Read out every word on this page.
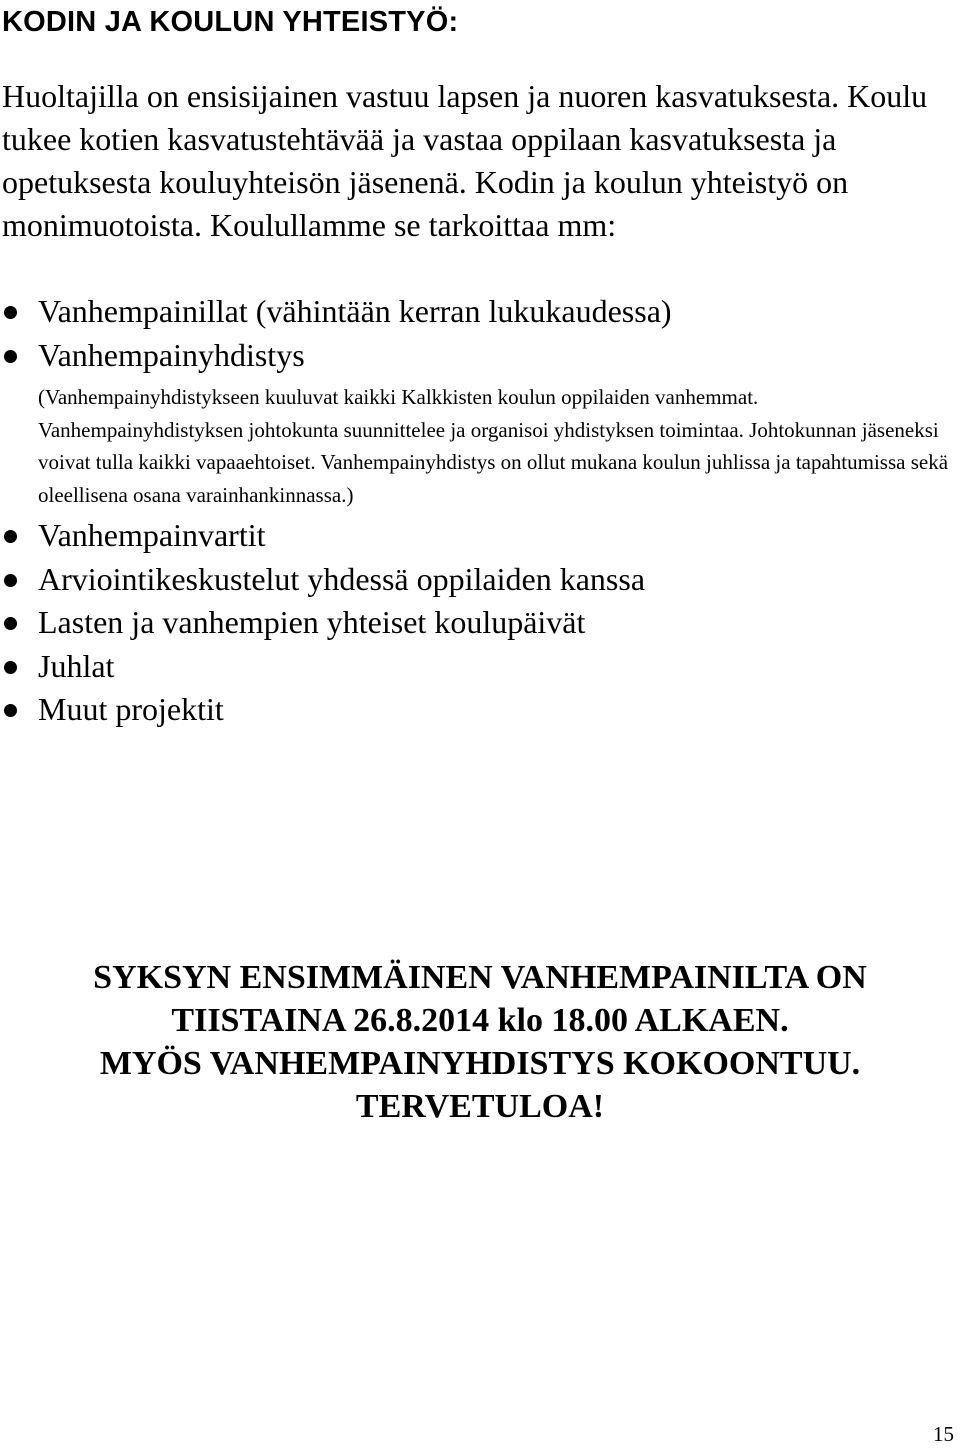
KODIN JA KOULUN YHTEISTYÖ:

Huoltajilla on ensisijainen vastuu lapsen ja nuoren kasvatuksesta. Koulu tukee kotien kasvatustehtävää ja vastaa oppilaan kasvatuksesta ja opetuksesta kouluyhteisön jäsenenä. Kodin ja koulun yhteistyö on monimuotoista. Koulullamme se tarkoittaa mm:

Vanhempainillat (vähintään kerran lukukaudessa)
Vanhempainyhdistys
(Vanhempainyhdistykseen kuuluvat kaikki Kalkkisten koulun oppilaiden vanhemmat. Vanhempainyhdistyksen johtokunta suunnittelee ja organisoi yhdistyksen toimintaa. Johtokunnan jäseneksi voivat tulla kaikki vapaaehtoiset. Vanhempainyhdistys on ollut mukana koulun juhlissa ja tapahtumissa sekä oleellisena osana varainhankinnassa.)
Vanhempainvartit
Arviointikeskustelut yhdessä oppilaiden kanssa
Lasten ja vanhempien yhteiset koulupäivät
Juhlat
Muut projektit
SYKSYN ENSIMMÄINEN VANHEMPAINILTA ON
TIISTAINA 26.8.2014 klo 18.00 ALKAEN.
MYÖS VANHEMPAINYHDISTYS KOKOONTUU.
TERVETULOA!
15
